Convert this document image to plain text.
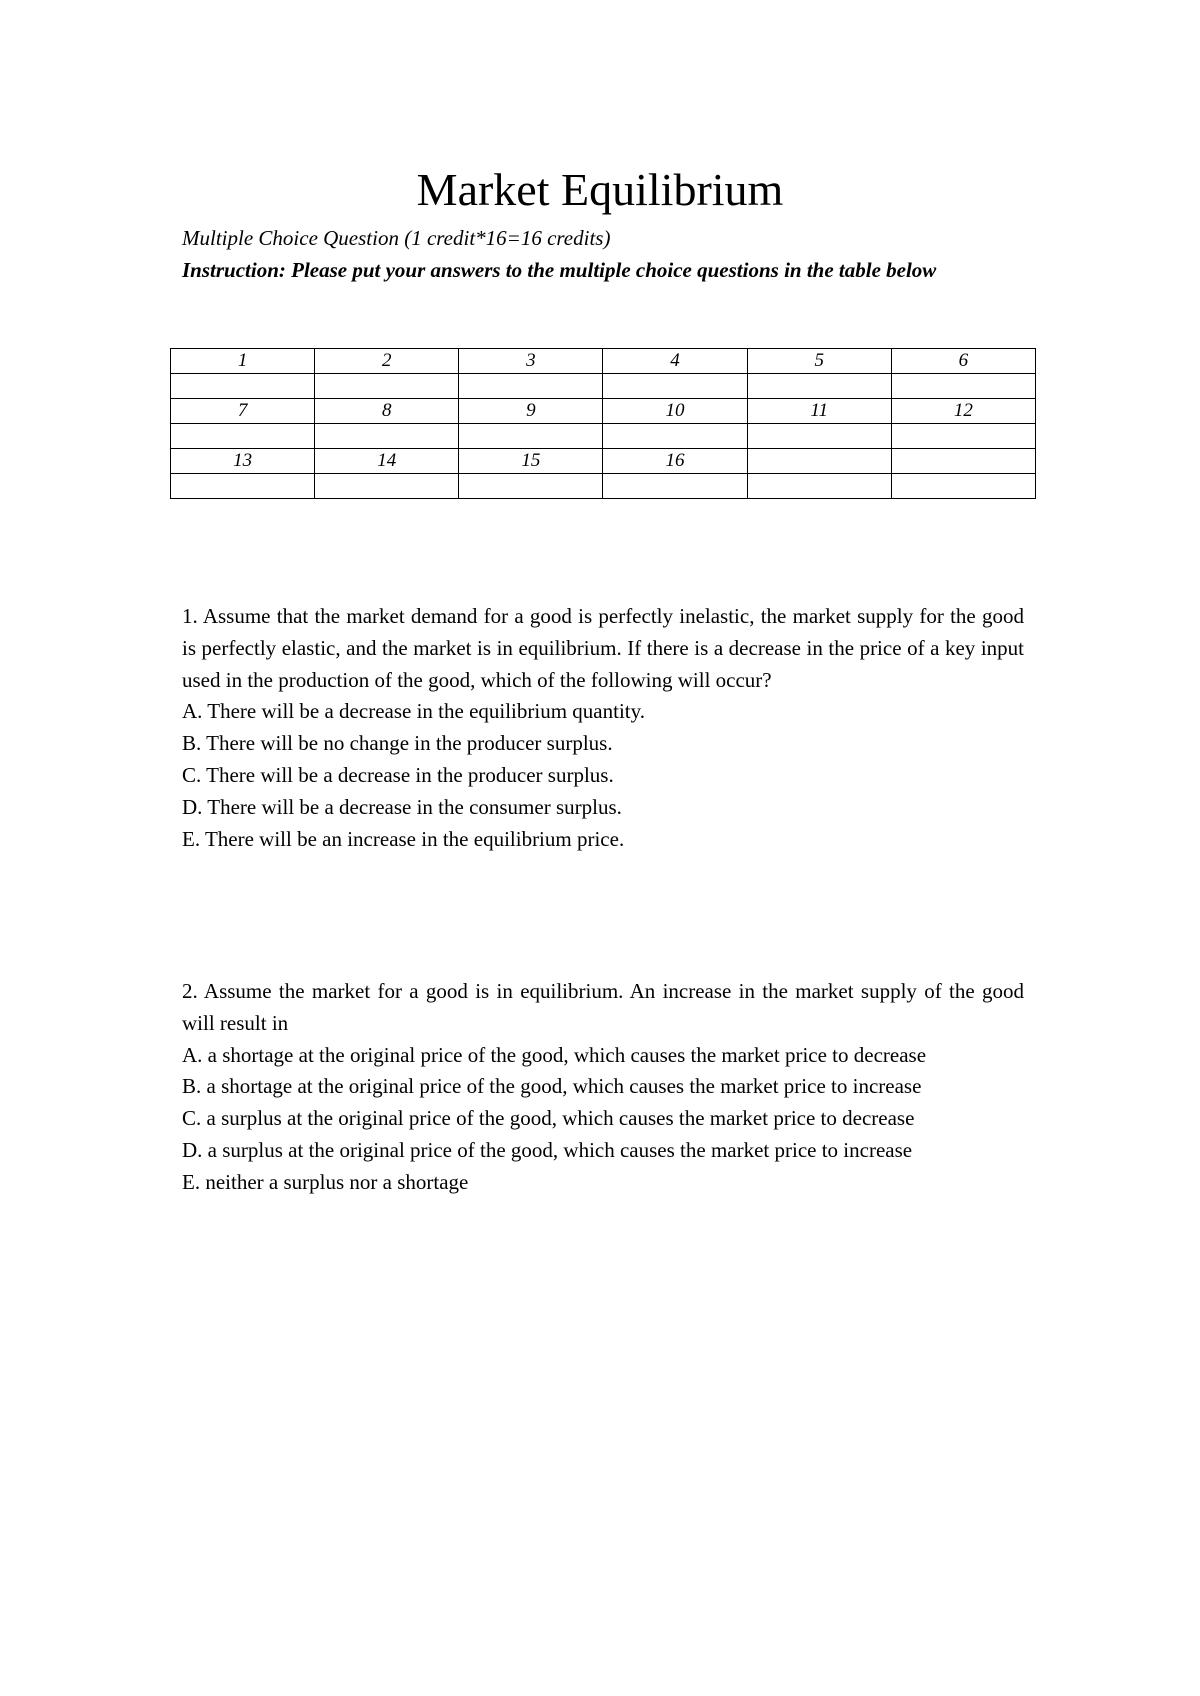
Market Equilibrium

Multiple Choice Question (1 credit*16=16 credits)

Instruction: Please put your answers to the multiple choice questions in the table below

1	2	3	4	5	6

7	8	9	10	11	12

13	14	15	16		

1. Assume that the market demand for a good is perfectly inelastic, the market supply for the good is perfectly elastic, and the market is in equilibrium. If there is a decrease in the price of a key input used in the production of the good, which of the following will occur?

A. There will be a decrease in the equilibrium quantity.

B. There will be no change in the producer surplus.

C. There will be a decrease in the producer surplus.

D. There will be a decrease in the consumer surplus.

E. There will be an increase in the equilibrium price.

2. Assume the market for a good is in equilibrium. An increase in the market supply of the good will result in

A. a shortage at the original price of the good, which causes the market price to decrease

B. a shortage at the original price of the good, which causes the market price to increase

C. a surplus at the original price of the good, which causes the market price to decrease

D. a surplus at the original price of the good, which causes the market price to increase

E. neither a surplus nor a shortage
